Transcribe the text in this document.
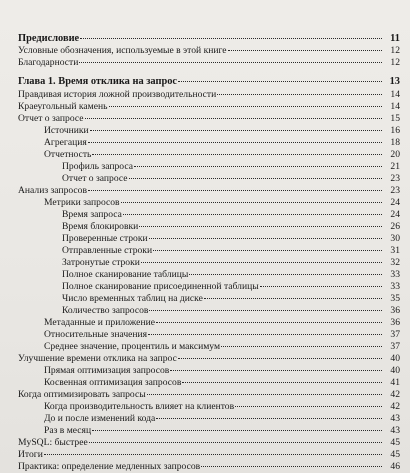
Предисловие	11
Условные обозначения, используемые в этой книге	12
Благодарности	12
Глава 1. Время отклика на запрос	13
Правдивая история ложной производительности	14
Краеугольный камень	14
Отчет о запросе	15
Источники	16
Агрегация	18
Отчетность	20
Профиль запроса	21
Отчет о запросе	23
Анализ запросов	23
Метрики запросов	24
Время запроса	24
Время блокировки	26
Проверенные строки	30
Отправленные строки	31
Затронутые строки	32
Полное сканирование таблицы	33
Полное сканирование присоединенной таблицы	33
Число временных таблиц на диске	35
Количество запросов	36
Метаданные и приложение	36
Относительные значения	37
Среднее значение, процентиль и максимум	37
Улучшение времени отклика на запрос	40
Прямая оптимизация запросов	40
Косвенная оптимизация запросов	41
Когда оптимизировать запросы	42
Когда производительность влияет на клиентов	42
До и после изменений кода	43
Раз в месяц	43
MySQL: быстрее	45
Итоги	45
Практика: определение медленных запросов	46
